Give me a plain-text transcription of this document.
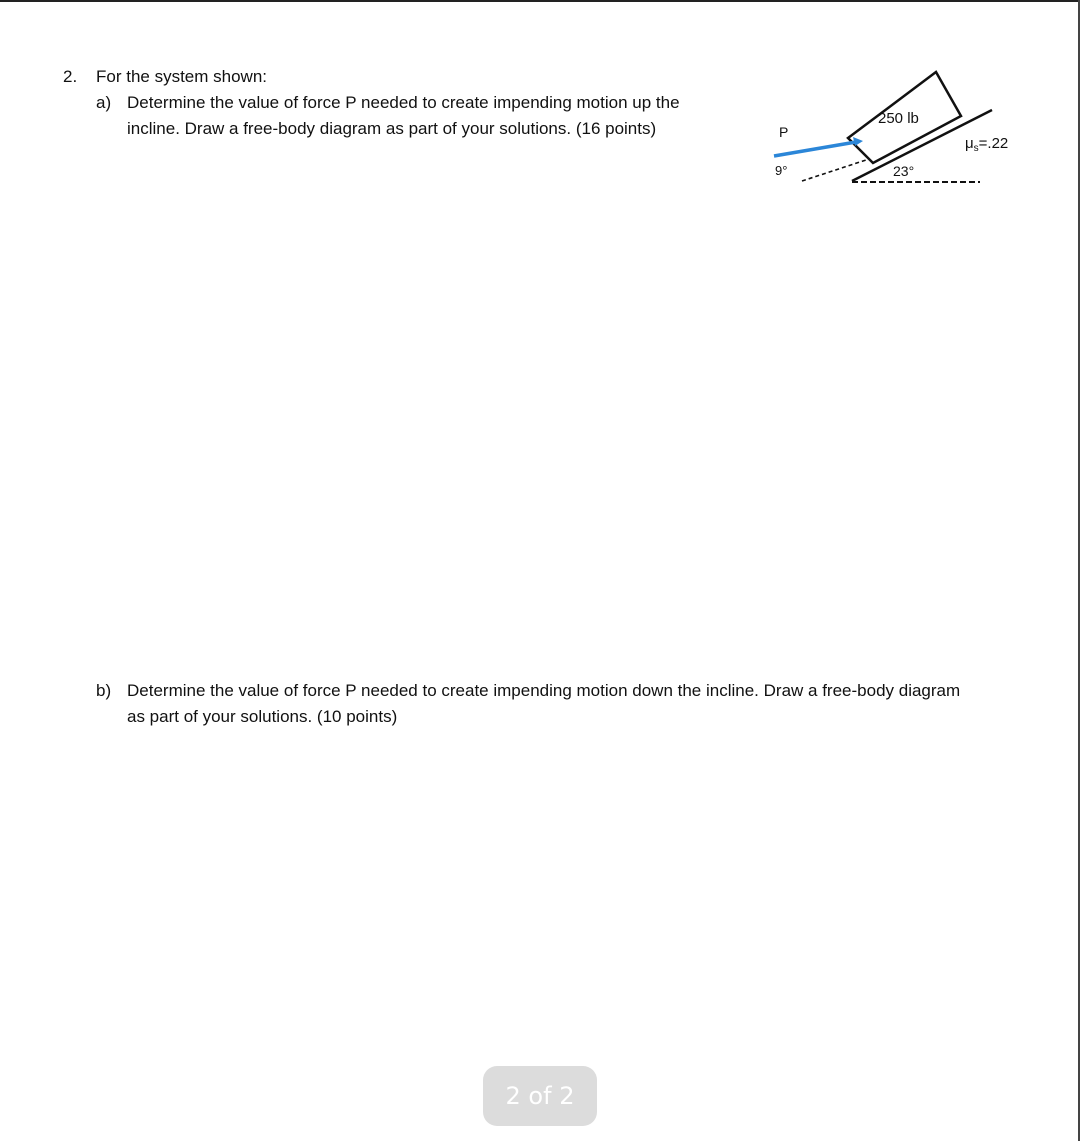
2. For the system shown:
a) Determine the value of force P needed to create impending motion up the
incline. Draw a free-body diagram as part of your solutions. (16 points)	P
9°
250 lb
23°
$\mu_s=.22$
b) Determine the value of force P needed to create impending motion down the incline. Draw a free-body diagram
as part of your solutions. (10 points)
2 of 2
